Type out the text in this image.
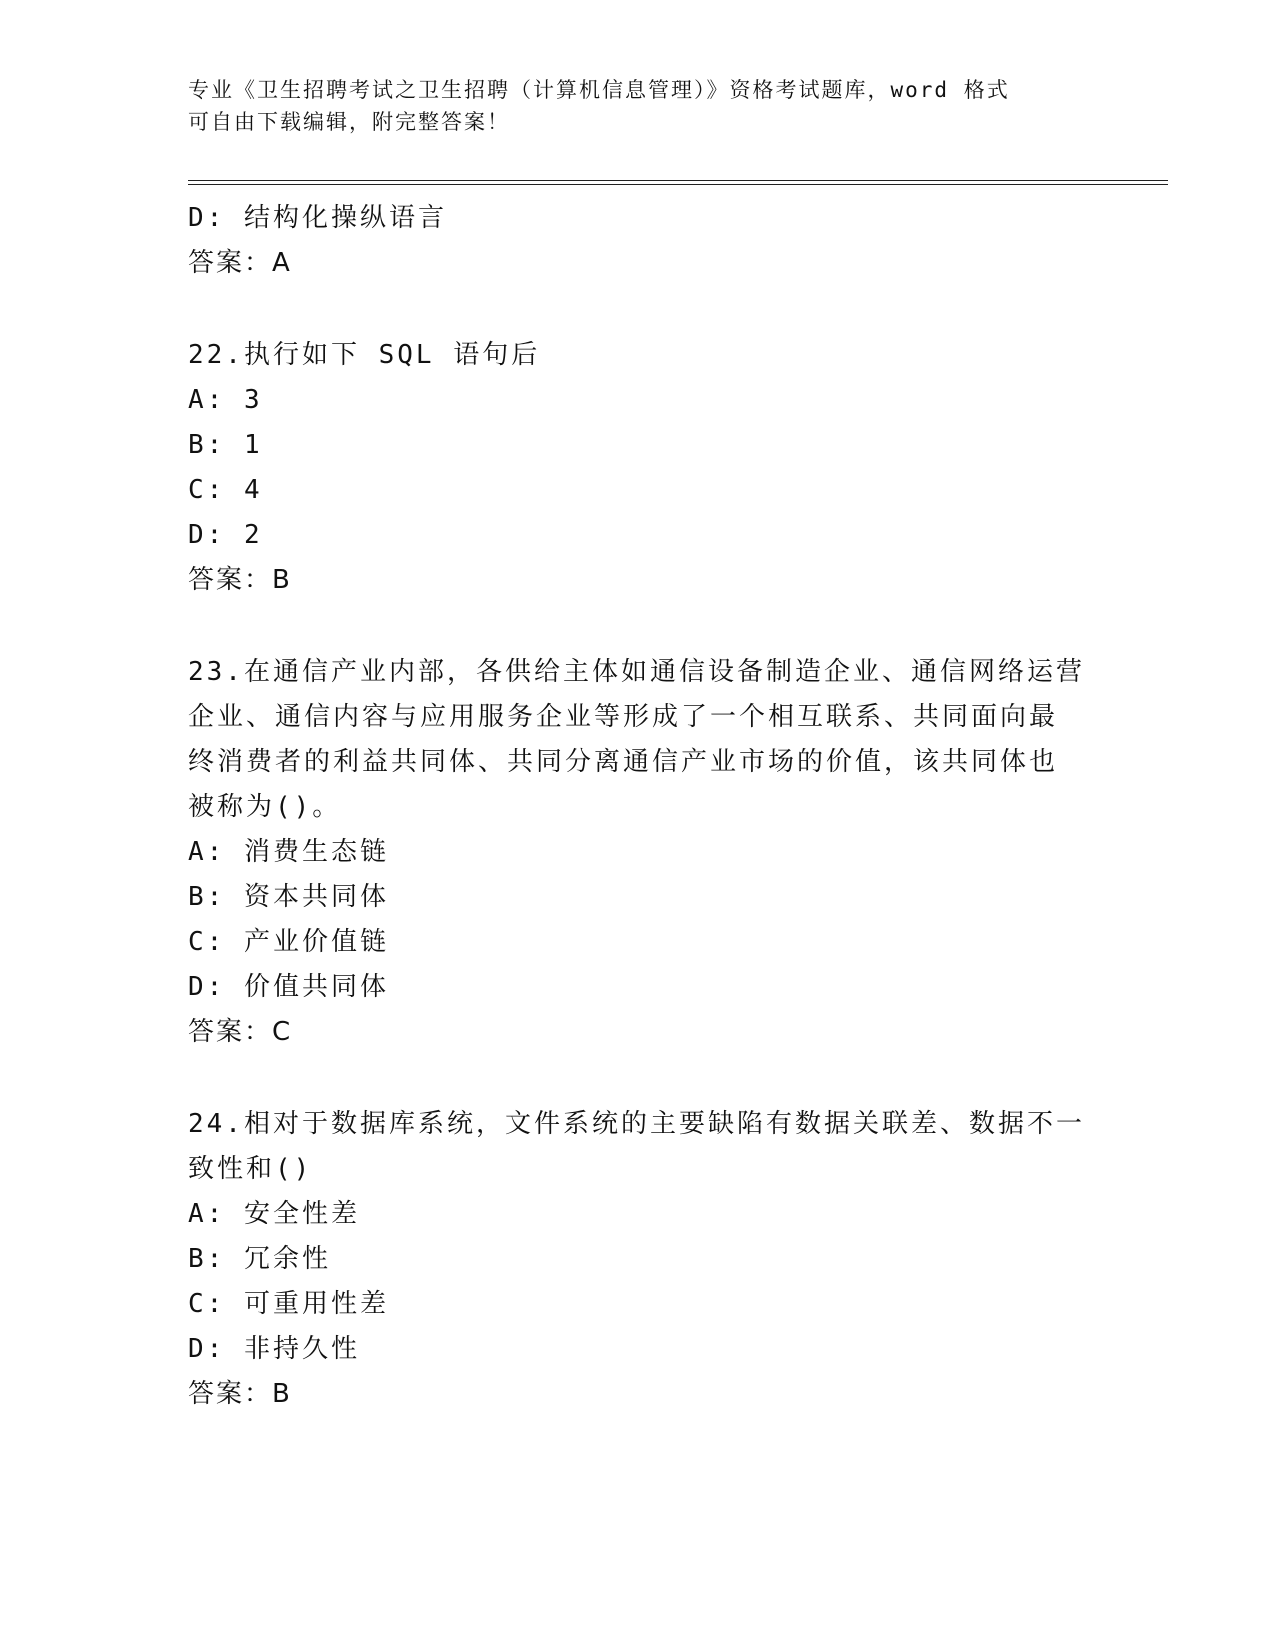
专业《卫生招聘考试之卫生招聘（计算机信息管理）》资格考试题库，word 格式
可自由下载编辑，附完整答案！
D: 结构化操纵语言
答案：A
22.执行如下 SQL 语句后
A: 3
B: 1
C: 4
D: 2
答案：B
23.在通信产业内部，各供给主体如通信设备制造企业、通信网络运营
企业、通信内容与应用服务企业等形成了一个相互联系、共同面向最
终消费者的利益共同体、共同分离通信产业市场的价值，该共同体也
被称为()。
A: 消费生态链
B: 资本共同体
C: 产业价值链
D: 价值共同体
答案：C
24.相对于数据库系统，文件系统的主要缺陷有数据关联差、数据不一
致性和()
A: 安全性差
B: 冗余性
C: 可重用性差
D: 非持久性
答案：B
